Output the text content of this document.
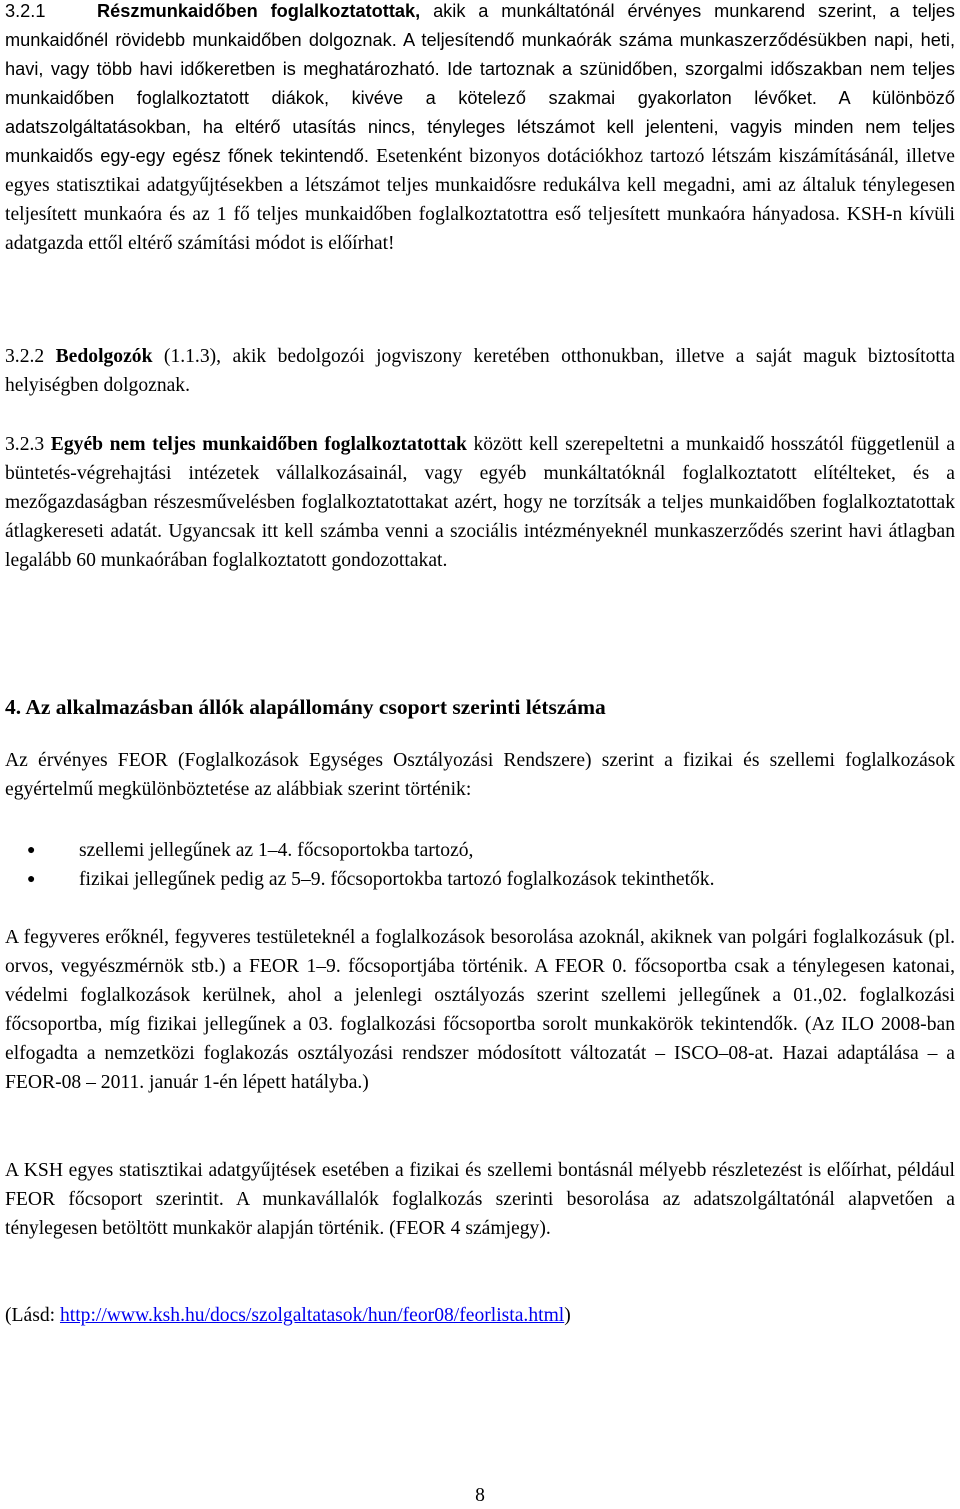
3.2.1	Részmunkaidőben foglalkoztatottak, akik a munkáltatónál érvényes munkarend szerint, a teljes munkaidőnél rövidebb munkaidőben dolgoznak. A teljesítendő munkaórák száma munkaszerződésükben napi, heti, havi, vagy több havi időkeretben is meghatározható. Ide tartoznak a szünidőben, szorgalmi időszakban nem teljes munkaidőben foglalkoztatott diákok, kivéve a kötelező szakmai gyakorlaton lévőket. A különböző adatszolgáltatásokban, ha eltérő utasítás nincs, tényleges létszámot kell jelenteni, vagyis minden nem teljes munkaidős egy-egy egész főnek tekintendő. Esetenként bizonyos dotációkhoz tartozó létszám kiszámításánál, illetve egyes statisztikai adatgyűjtésekben a létszámot teljes munkaidősre redukálva kell megadni, ami az általuk ténylegesen teljesített munkaóra és az 1 fő teljes munkaidőben foglalkoztatottra eső teljesített munkaóra hányadosa. KSH-n kívüli adatgazda ettől eltérő számítási módot is előírhat!

3.2.2 Bedolgozók (1.1.3), akik bedolgozói jogviszony keretében otthonukban, illetve a saját maguk biztosította helyiségben dolgoznak.

3.2.3 Egyéb nem teljes munkaidőben foglalkoztatottak között kell szerepeltetni a munkaidő hosszától függetlenül a büntetés-végrehajtási intézetek vállalkozásainál, vagy egyéb munkáltatóknál foglalkoztatott elítélteket, és a mezőgazdaságban részesművelésben foglalkoztatottakat azért, hogy ne torzítsák a teljes munkaidőben foglalkoztatottak átlagkereseti adatát. Ugyancsak itt kell számba venni a szociális intézményeknél munkaszerződés szerint havi átlagban legalább 60 munkaórában foglalkoztatott gondozottakat.

4. Az alkalmazásban állók alapállomány csoport szerinti létszáma

Az érvényes FEOR (Foglalkozások Egységes Osztályozási Rendszere) szerint a fizikai és szellemi foglalkozások egyértelmű megkülönböztetése az alábbiak szerint történik:

● szellemi jellegűnek az 1–4. főcsoportokba tartozó,
● fizikai jellegűnek pedig az 5–9. főcsoportokba tartozó foglalkozások tekinthetők.

A fegyveres erőknél, fegyveres testületeknél a foglalkozások besorolása azoknál, akiknek van polgári foglalkozásuk (pl. orvos, vegyészmérnök stb.) a FEOR 1–9. főcsoportjába történik. A FEOR 0. főcsoportba csak a ténylegesen katonai, védelmi foglalkozások kerülnek, ahol a jelenlegi osztályozás szerint szellemi jellegűnek a 01.,02. foglalkozási főcsoportba, míg fizikai jellegűnek a 03. foglalkozási főcsoportba sorolt munkakörök tekintendők. (Az ILO 2008-ban elfogadta a nemzetközi foglakozás osztályozási rendszer módosított változatát – ISCO–08-at. Hazai adaptálása – a FEOR-08 – 2011. január 1-én lépett hatályba.)

A KSH egyes statisztikai adatgyűjtések esetében a fizikai és szellemi bontásnál mélyebb részletezést is előírhat, például FEOR főcsoport szerintit. A munkavállalók foglalkozás szerinti besorolása az adatszolgáltatónál alapvetően a ténylegesen betöltött munkakör alapján történik. (FEOR 4 számjegy).

(Lásd: http://www.ksh.hu/docs/szolgaltatasok/hun/feor08/feorlista.html)

8
